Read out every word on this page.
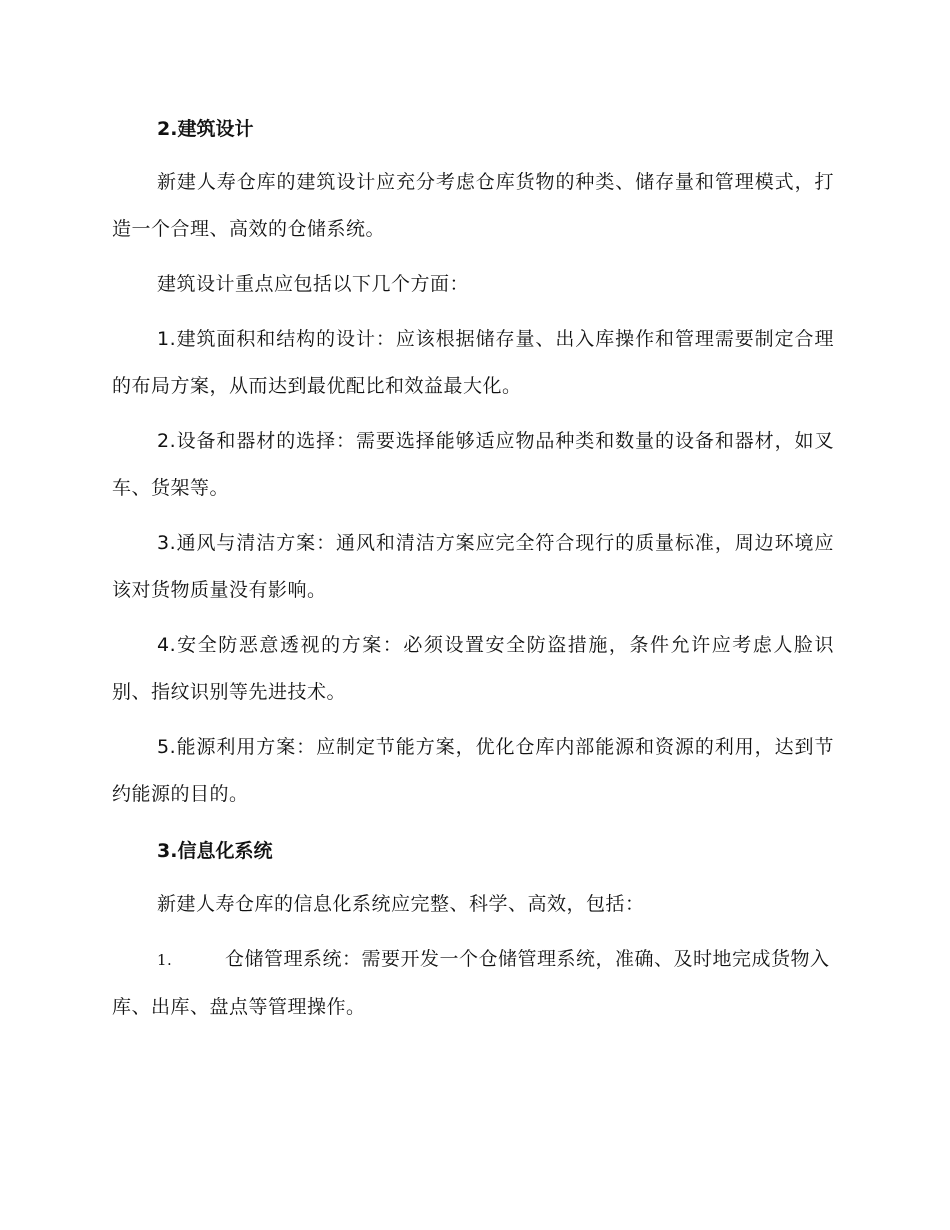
2.建筑设计

新建人寿仓库的建筑设计应充分考虑仓库货物的种类、储存量和管理模式，打造一个合理、高效的仓储系统。

建筑设计重点应包括以下几个方面：

1.建筑面积和结构的设计：应该根据储存量、出入库操作和管理需要制定合理的布局方案，从而达到最优配比和效益最大化。

2.设备和器材的选择：需要选择能够适应物品种类和数量的设备和器材，如叉车、货架等。

3.通风与清洁方案：通风和清洁方案应完全符合现行的质量标准，周边环境应该对货物质量没有影响。

4.安全防恶意透视的方案：必须设置安全防盗措施，条件允许应考虑人脸识别、指纹识别等先进技术。

5.能源利用方案：应制定节能方案，优化仓库内部能源和资源的利用，达到节约能源的目的。

3.信息化系统

新建人寿仓库的信息化系统应完整、科学、高效，包括：

1.	仓储管理系统：需要开发一个仓储管理系统，准确、及时地完成货物入库、出库、盘点等管理操作。
